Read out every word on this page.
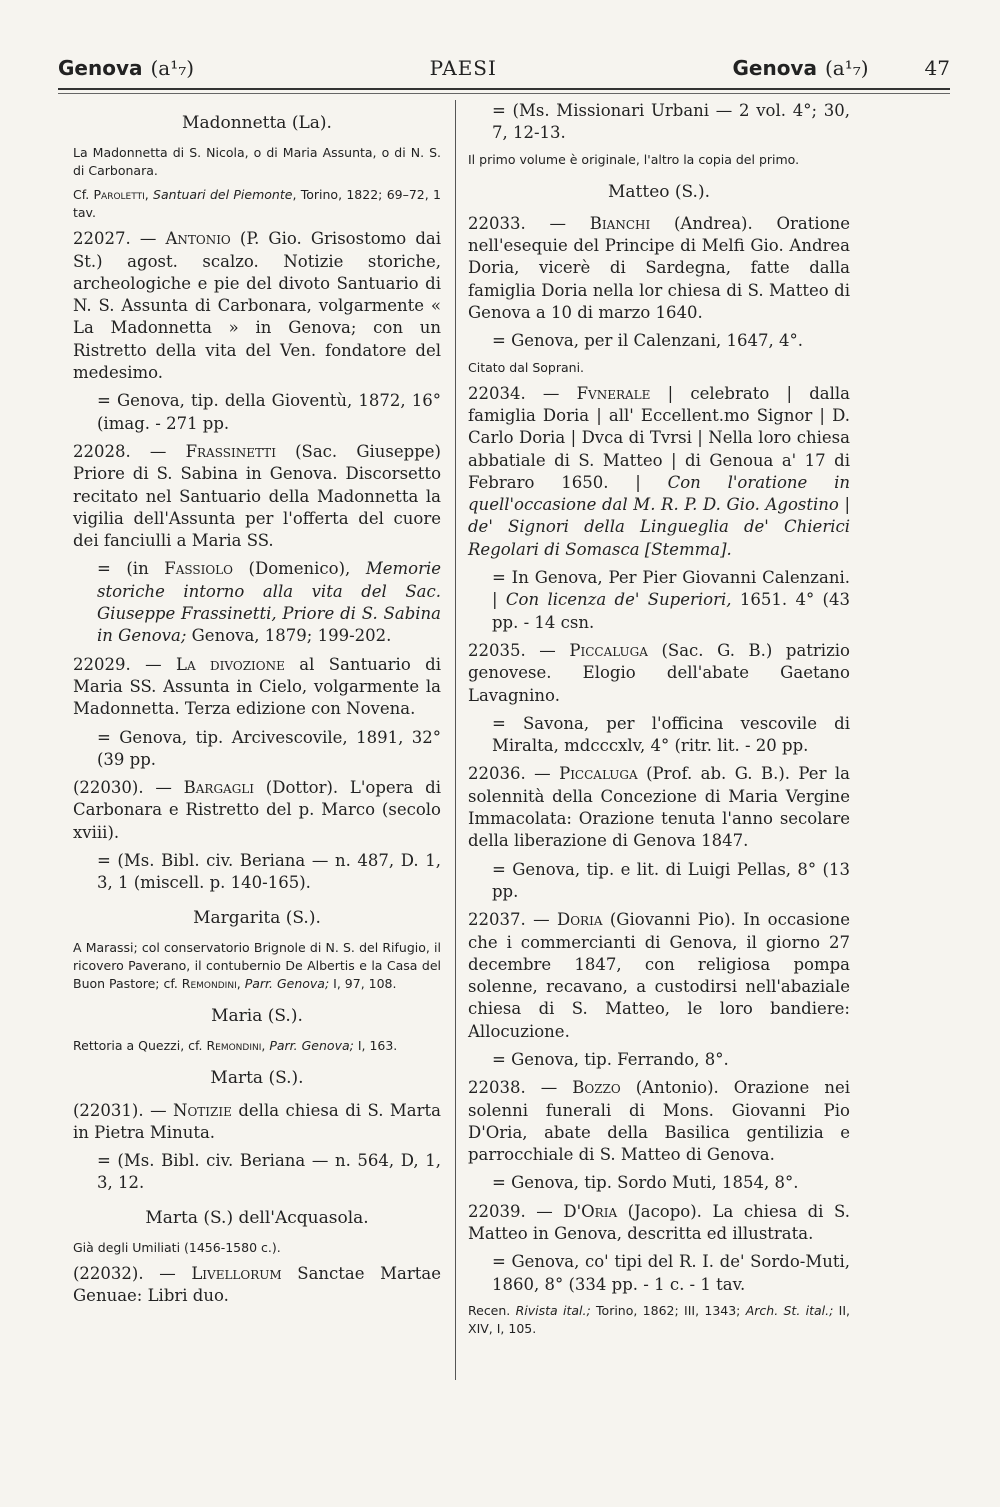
Genova (a¹₇)	PAESI	Genova (a¹₇)	47
Madonnetta (La).

La Madonnetta di S. Nicola, o di Maria Assunta, o di N. S. di Carbonara.

Cf. Paroletti, Santuari del Piemonte, Torino, 1822; 69–72, 1 tav.

22027. — Antonio (P. Gio. Grisostomo dai St.) agost. scalzo. Notizie storiche, archeologiche e pie del divoto Santuario di N. S. Assunta di Carbonara, volgarmente « La Madonnetta » in Genova; con un Ristretto della vita del Ven. fondatore del medesimo.

= Genova, tip. della Gioventù, 1872, 16° (imag. - 271 pp.

22028. — Frassinetti (Sac. Giuseppe) Priore di S. Sabina in Genova. Discorsetto recitato nel Santuario della Madonnetta la vigilia dell'Assunta per l'offerta del cuore dei fanciulli a Maria SS.

= (in Fassiolo (Domenico), Memorie storiche intorno alla vita del Sac. Giuseppe Frassinetti, Priore di S. Sabina in Genova; Genova, 1879; 199-202.

22029. — La divozione al Santuario di Maria SS. Assunta in Cielo, volgarmente la Madonnetta. Terza edizione con Novena.

= Genova, tip. Arcivescovile, 1891, 32° (39 pp.

(22030). — Bargagli (Dottor). L'opera di Carbonara e Ristretto del p. Marco (secolo xviii).

= (Ms. Bibl. civ. Beriana — n. 487, D. 1, 3, 1 (miscell. p. 140-165).

Margarita (S.).

A Marassi; col conservatorio Brignole di N. S. del Rifugio, il ricovero Paverano, il contubernio De Albertis e la Casa del Buon Pastore; cf. Remondini, Parr. Genova; I, 97, 108.

Maria (S.).

Rettoria a Quezzi, cf. Remondini, Parr. Genova; I, 163.

Marta (S.).

(22031). — Notizie della chiesa di S. Marta in Pietra Minuta.

= (Ms. Bibl. civ. Beriana — n. 564, D, 1, 3, 12.

Marta (S.) dell'Acquasola.

Già degli Umiliati (1456-1580 c.).

(22032). — Livellorum Sanctae Martae Genuae: Libri duo.

= (Ms. Missionari Urbani — 2 vol. 4°; 30, 7, 12-13.

Il primo volume è originale, l'altro la copia del primo.

Matteo (S.).

22033. — Bianchi (Andrea). Oratione nell'esequie del Principe di Melfi Gio. Andrea Doria, vicerè di Sardegna, fatte dalla famiglia Doria nella lor chiesa di S. Matteo di Genova a 10 di marzo 1640.

= Genova, per il Calenzani, 1647, 4°.

Citato dal Soprani.

22034. — Fvnerale | celebrato | dalla famiglia Doria | all' Eccellent.mo Signor | D. Carlo Doria | Dvca di Tvrsi | Nella loro chiesa abbatiale di S. Matteo | di Genoua a' 17 di Febraro 1650. | Con l'oratione in quell'occasione dal M. R. P. D. Gio. Agostino | de' Signori della Lingueglia de' Chierici Regolari di Somasca [Stemma].

= In Genova, Per Pier Giovanni Calenzani. | Con licenza de' Superiori, 1651. 4° (43 pp. - 14 csn.

22035. — Piccaluga (Sac. G. B.) patrizio genovese. Elogio dell'abate Gaetano Lavagnino.

= Savona, per l'officina vescovile di Miralta, mdcccxlv, 4° (ritr. lit. - 20 pp.

22036. — Piccaluga (Prof. ab. G. B.). Per la solennità della Concezione di Maria Vergine Immacolata: Orazione tenuta l'anno secolare della liberazione di Genova 1847.

= Genova, tip. e lit. di Luigi Pellas, 8° (13 pp.

22037. — Doria (Giovanni Pio). In occasione che i commercianti di Genova, il giorno 27 decembre 1847, con religiosa pompa solenne, recavano, a custodirsi nell'abaziale chiesa di S. Matteo, le loro bandiere: Allocuzione.

= Genova, tip. Ferrando, 8°.

22038. — Bozzo (Antonio). Orazione nei solenni funerali di Mons. Giovanni Pio D'Oria, abate della Basilica gentilizia e parrocchiale di S. Matteo di Genova.

= Genova, tip. Sordo Muti, 1854, 8°.

22039. — D'Oria (Jacopo). La chiesa di S. Matteo in Genova, descritta ed illustrata.

= Genova, co' tipi del R. I. de' Sordo-Muti, 1860, 8° (334 pp. - 1 c. - 1 tav.

Recen. Rivista ital.; Torino, 1862; III, 1343; Arch. St. ital.; II, XIV, I, 105.
